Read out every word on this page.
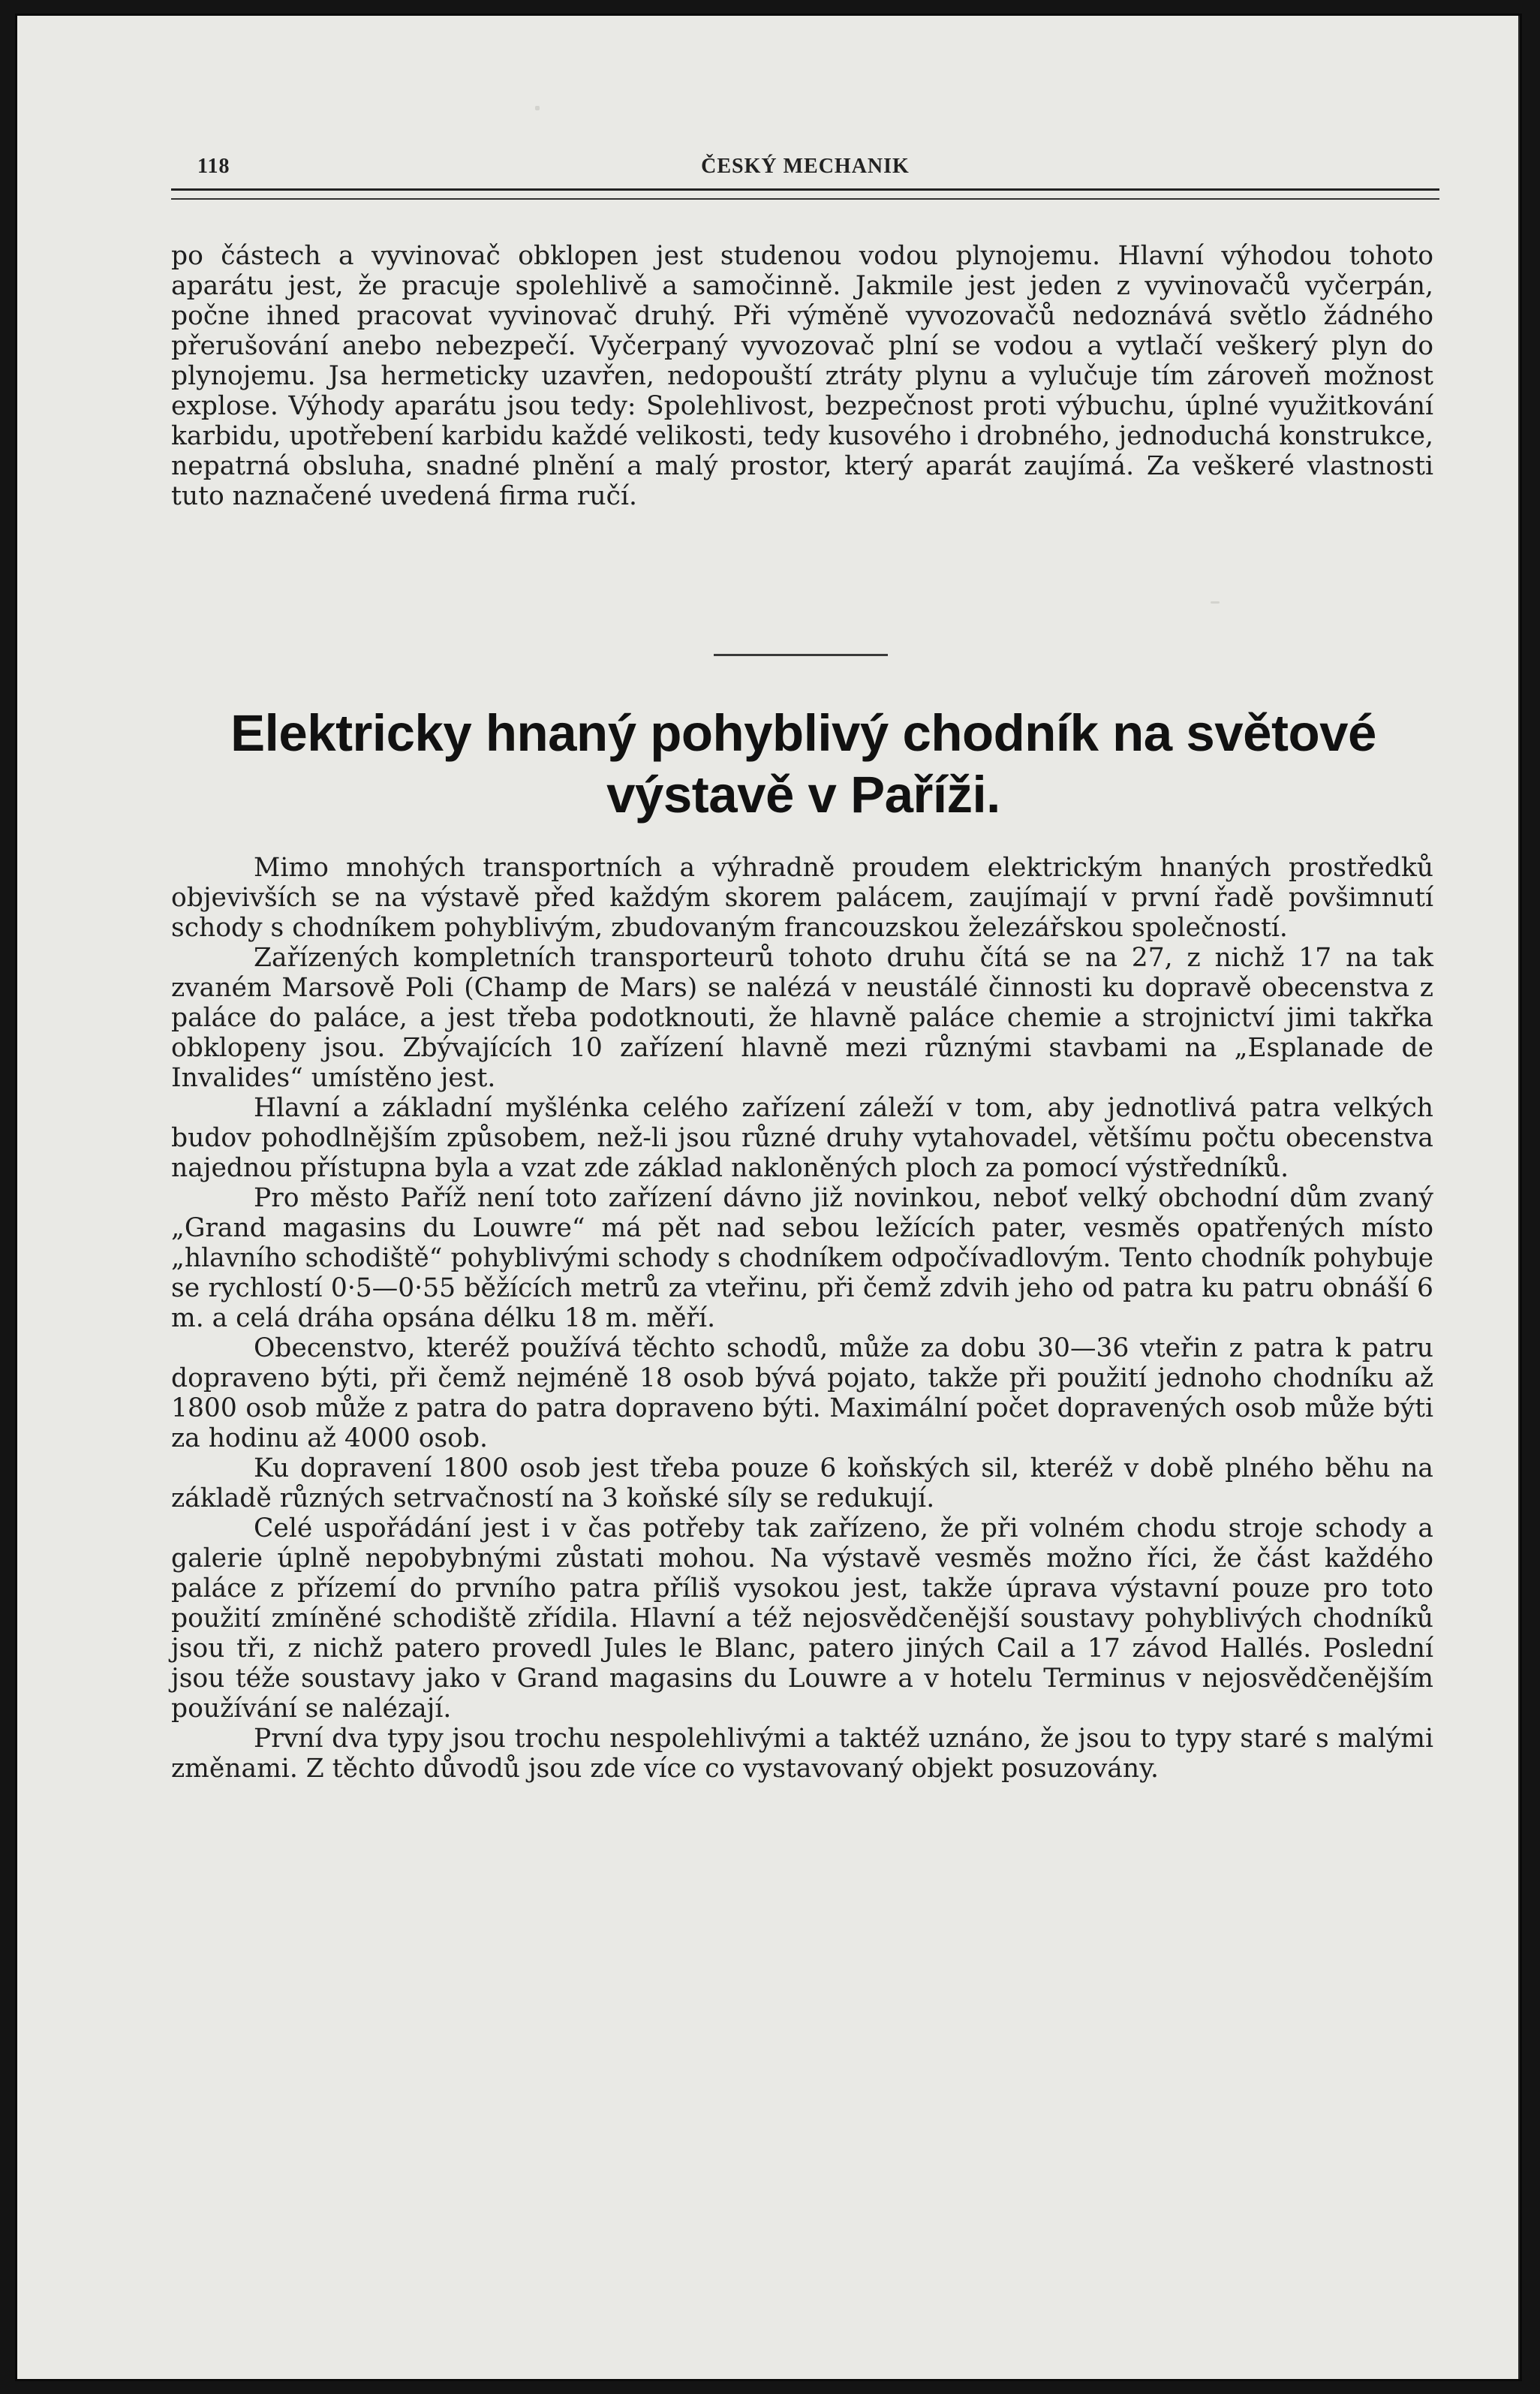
118	ČESKÝ MECHANIK

po částech a vyvinovač obklopen jest studenou vodou plynojemu. Hlavní výhodou tohoto aparátu jest, že pracuje spolehlivě a samočinně. Jakmile jest jeden z vyvinovačů vyčerpán, počne ihned pracovat vyvinovač druhý. Při výměně vyvozovačů nedoznává světlo žádného přerušování anebo nebezpečí. Vyčerpaný vyvozovač plní se vodou a vytlačí veškerý plyn do plynojemu. Jsa hermeticky uzavřen, nedopouští ztráty plynu a vylučuje tím zároveň možnost explose. Výhody aparátu jsou tedy: Spolehlivost, bezpečnost proti výbuchu, úplné využitkování karbidu, upotřebení karbidu každé velikosti, tedy kusového i drobného, jednoduchá konstrukce, nepatrná obsluha, snadné plnění a malý prostor, který aparát zaujímá. Za veškeré vlastnosti tuto naznačené uvedená firma ručí.

Elektricky hnaný pohyblivý chodník na světové výstavě v Paříži.

Mimo mnohých transportních a výhradně proudem elektrickým hnaných prostředků objevivších se na výstavě před každým skorem palácem, zaujímají v první řadě povšimnutí schody s chodníkem pohyblivým, zbudovaným francouzskou železářskou společností.

Zařízených kompletních transporteurů tohoto druhu čítá se na 27, z nichž 17 na tak zvaném Marsově Poli (Champ de Mars) se nalézá v neustálé činnosti ku dopravě obecenstva z paláce do paláce, a jest třeba podotknouti, že hlavně paláce chemie a strojnictví jimi takřka obklopeny jsou. Zbývajících 10 zařízení hlavně mezi různými stavbami na „Esplanade de Invalides“ umístěno jest.

Hlavní a základní myšlénka celého zařízení záleží v tom, aby jednotlivá patra velkých budov pohodlnějším způsobem, než-li jsou různé druhy vytahovadel, většímu počtu obecenstva najednou přístupna byla a vzat zde základ nakloněných ploch za pomocí výstředníků.

Pro město Paříž není toto zařízení dávno již novinkou, neboť velký obchodní dům zvaný „Grand magasins du Louwre“ má pět nad sebou ležících pater, vesměs opatřených místo „hlavního schodiště“ pohyblivými schody s chodníkem odpočívadlovým. Tento chodník pohybuje se rychlostí 0·5—0·55 běžících metrů za vteřinu, při čemž zdvih jeho od patra ku patru obnáší 6 m. a celá dráha opsána délku 18 m. měří.

Obecenstvo, kteréž používá těchto schodů, může za dobu 30—36 vteřin z patra k patru dopraveno býti, při čemž nejméně 18 osob bývá pojato, takže při použití jednoho chodníku až 1800 osob může z patra do patra dopraveno býti. Maximální počet dopravených osob může býti za hodinu až 4000 osob.

Ku dopravení 1800 osob jest třeba pouze 6 koňských sil, kteréž v době plného běhu na základě různých setrvačností na 3 koňské síly se redukují.

Celé uspořádání jest i v čas potřeby tak zařízeno, že při volném chodu stroje schody a galerie úplně nepobybnými zůstati mohou. Na výstavě vesměs možno říci, že část každého paláce z přízemí do prvního patra příliš vysokou jest, takže úprava výstavní pouze pro toto použití zmíněné schodiště zřídila. Hlavní a též nejosvědčenější soustavy pohyblivých chodníků jsou tři, z nichž patero provedl Jules le Blanc, patero jiných Cail a 17 závod Hallés. Poslední jsou téže soustavy jako v Grand magasins du Louwre a v hotelu Terminus v nejosvědčenějším používání se nalézají.

První dva typy jsou trochu nespolehlivými a taktéž uznáno, že jsou to typy staré s malými změnami. Z těchto důvodů jsou zde více co vystavovaný objekt posuzovány.
